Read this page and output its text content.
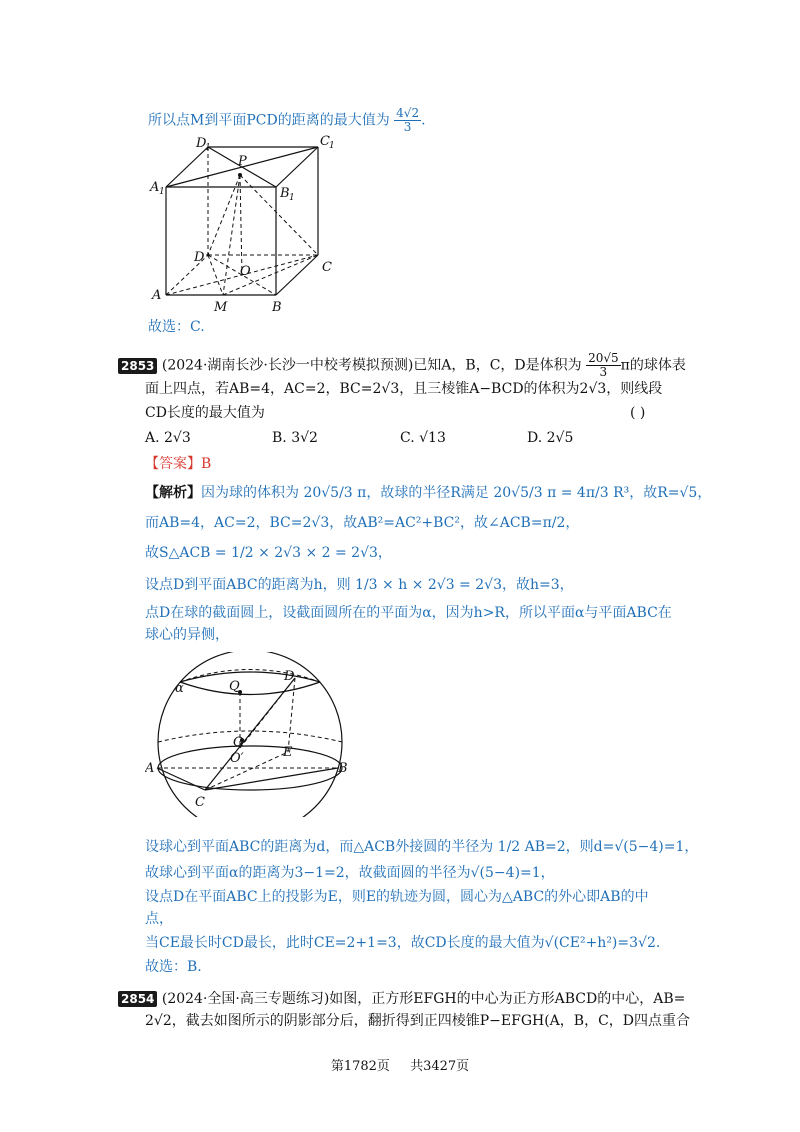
所以点M到平面PCD的距离的最大值为 $\frac{4√2}{3}$ .
D
1
P
C 1
A 1	B 1
D
C
O
A
M	B
故选：C.
2853 (2024·湖南长沙·长沙一中校考模拟预测)已知A，B，C，D是体积为 $\frac{20√5}{3}$ π的球体表
面上四点，若AB=4，AC=2，BC=2√3，且三棱锥A−BCD的体积为2√3，则线段
CD长度的最大值为	( )
A. 2√3	B. 3√2	C. √13	D. 2√5
【答案】B
【解析】因为球的体积为 20√5/3 π，故球的半径R满足 20√5/3 π = 4π/3 R³，故R=√5，
而AB=4，AC=2，BC=2√3，故AB²=AC²+BC²，故∠ACB=π/2，
故S△ACB = 1/2 × 2√3 × 2 = 2√3，
设点D到平面ABC的距离为h，则 1/3 × h × 2√3 = 2√3，故h=3，
点D在球的截面圆上，设截面圆所在的平面为α，因为h>R，所以平面α与平面ABC在
球心的异侧，
α	Q
D
O
O′	E
A	B
C
设球心到平面ABC的距离为d，而△ACB外接圆的半径为 1/2 AB=2，则d=√(5−4)=1，
故球心到平面α的距离为3−1=2，故截面圆的半径为√(5−4)=1，
设点D在平面ABC上的投影为E，则E的轨迹为圆，圆心为△ABC的外心即AB的中
点，
当CE最长时CD最长，此时CE=2+1=3，故CD长度的最大值为√(CE²+h²)=3√2.
故选：B.
2854 (2024·全国·高三专题练习)如图，正方形EFGH的中心为正方形ABCD的中心，AB=
2√2，截去如图所示的阴影部分后，翻折得到正四棱锥P−EFGH(A，B，C，D四点重合
第1782页 共3427页
